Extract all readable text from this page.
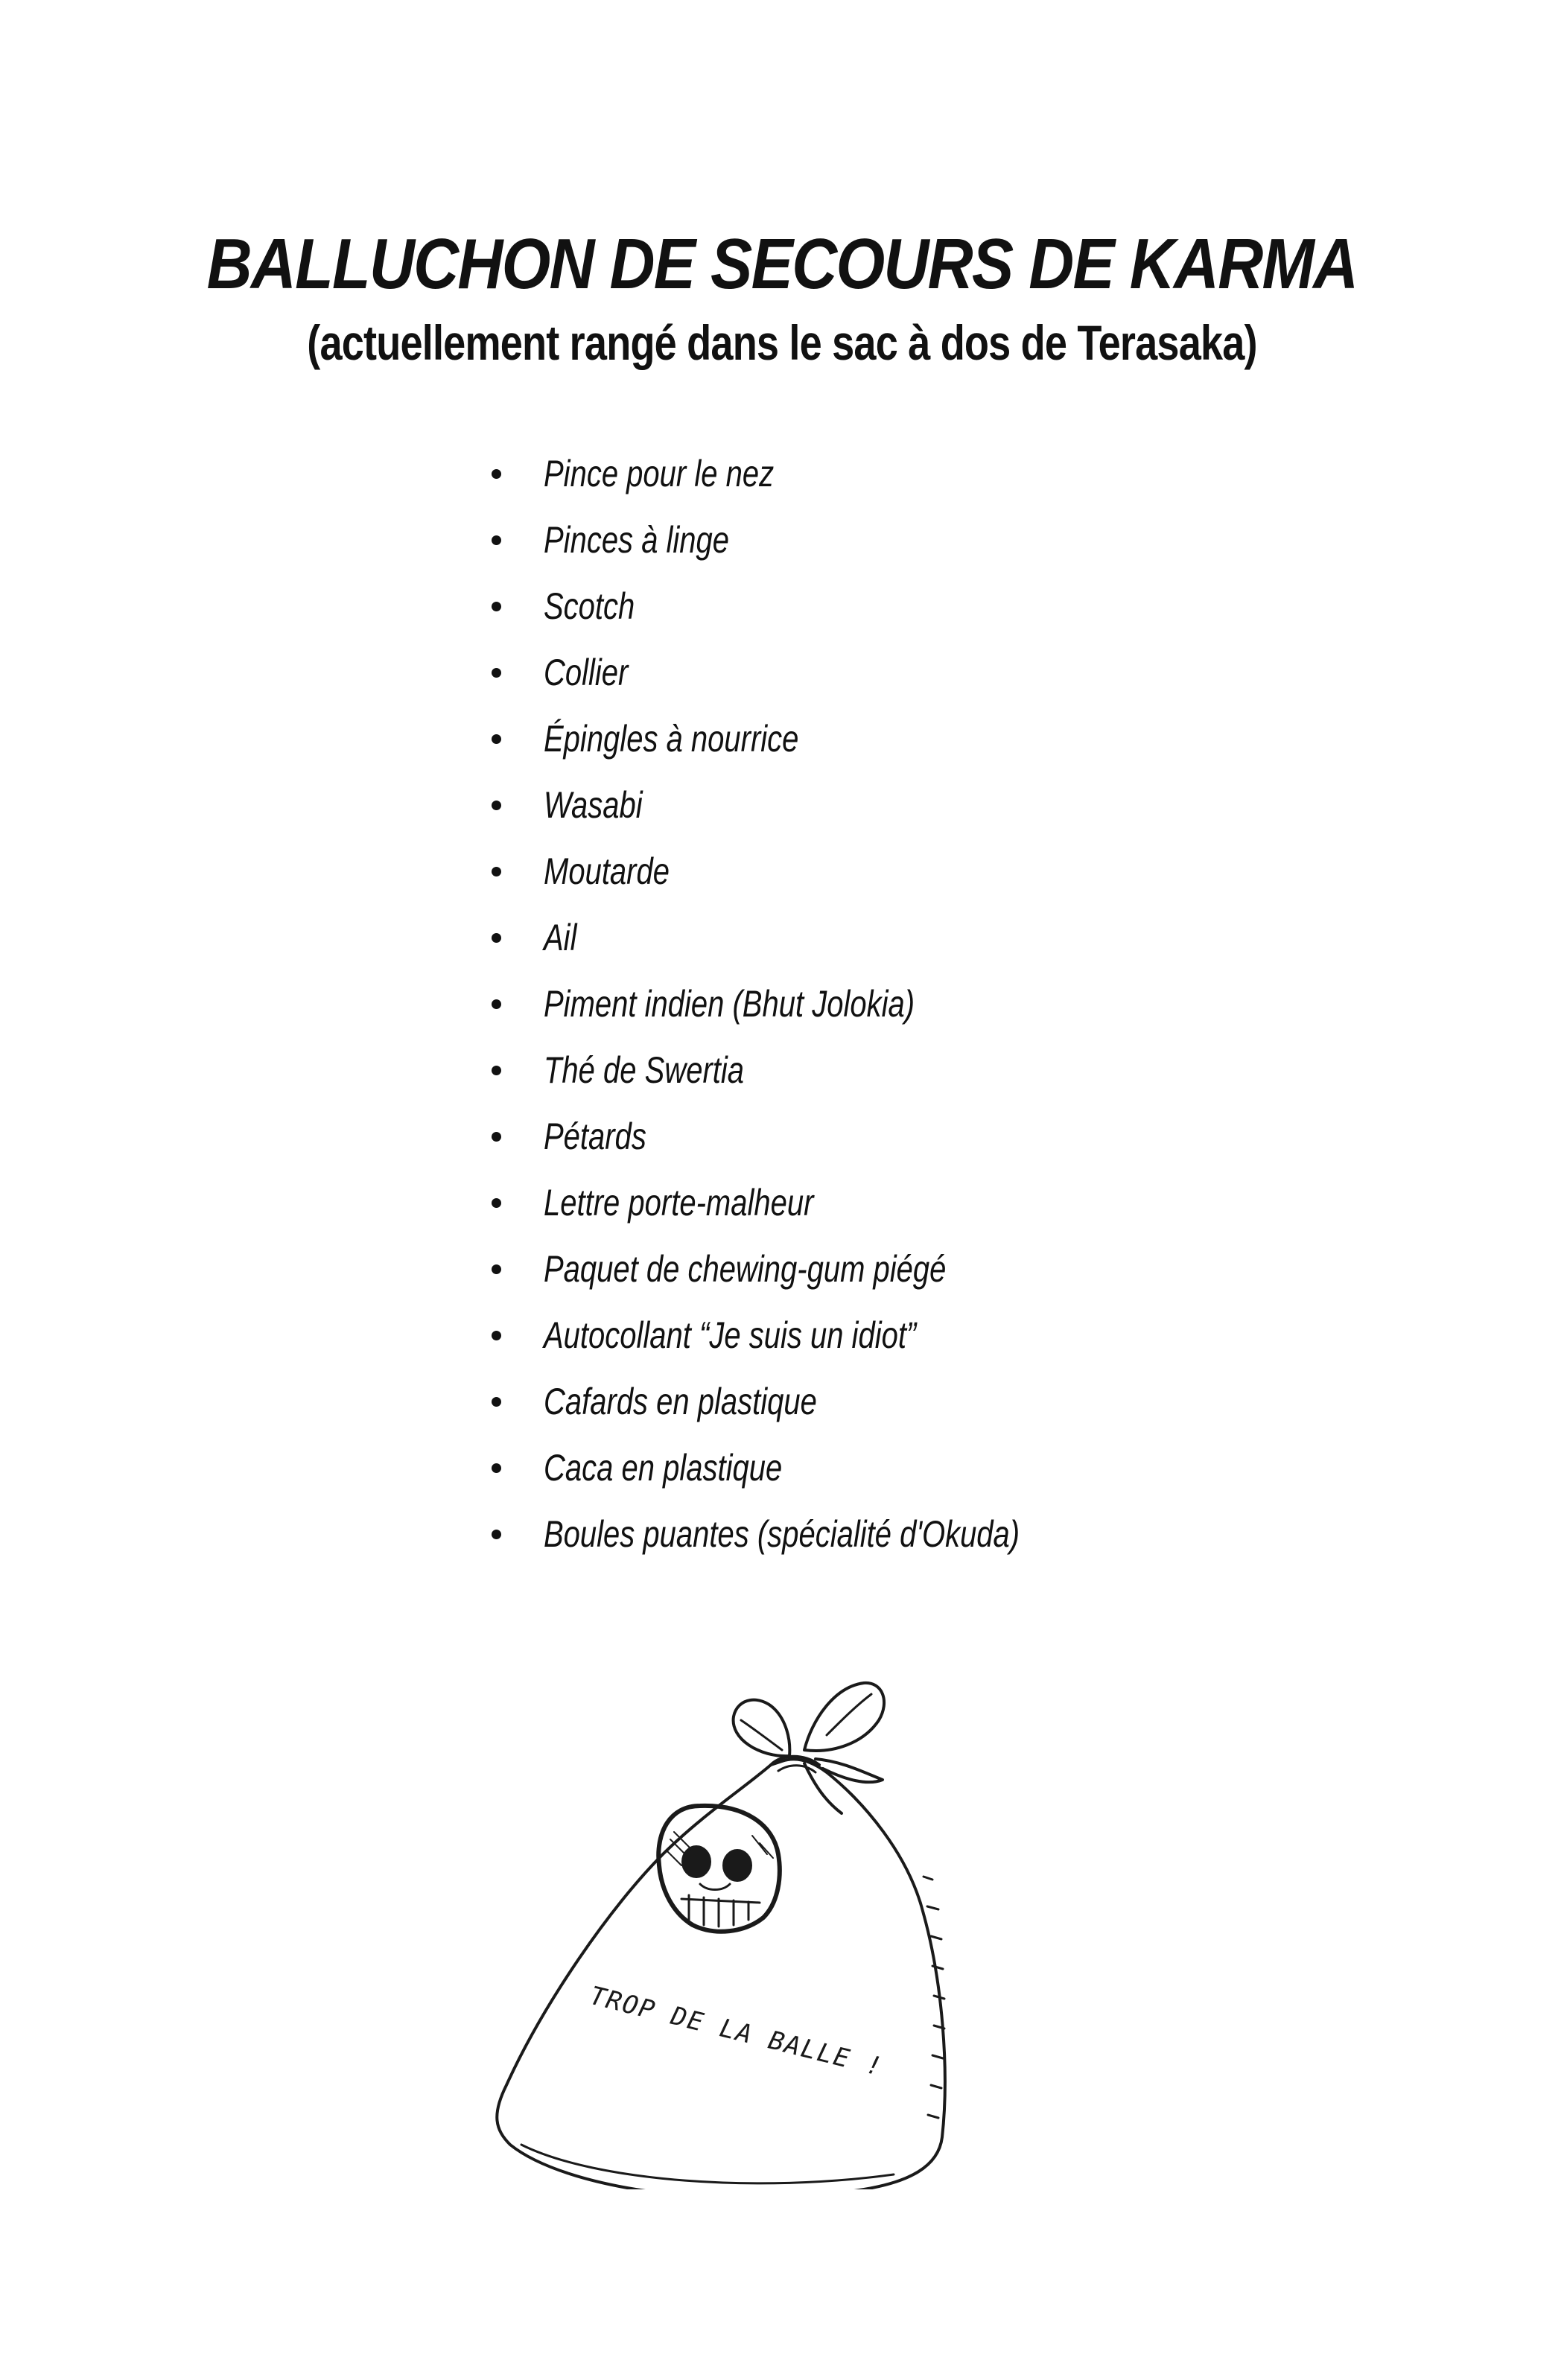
BALLUCHON DE SECOURS DE KARMA
(actuellement rangé dans le sac à dos de Terasaka)
Pince pour le nez
Pinces à linge
Scotch
Collier
Épingles à nourrice
Wasabi
Moutarde
Ail
Piment indien (Bhut Jolokia)
Thé de Swertia
Pétards
Lettre porte-malheur
Paquet de chewing-gum piégé
Autocollant “Je suis un idiot”
Cafards en plastique
Caca en plastique
Boules puantes (spécialité d'Okuda)
TROP DE LA BALLE !
